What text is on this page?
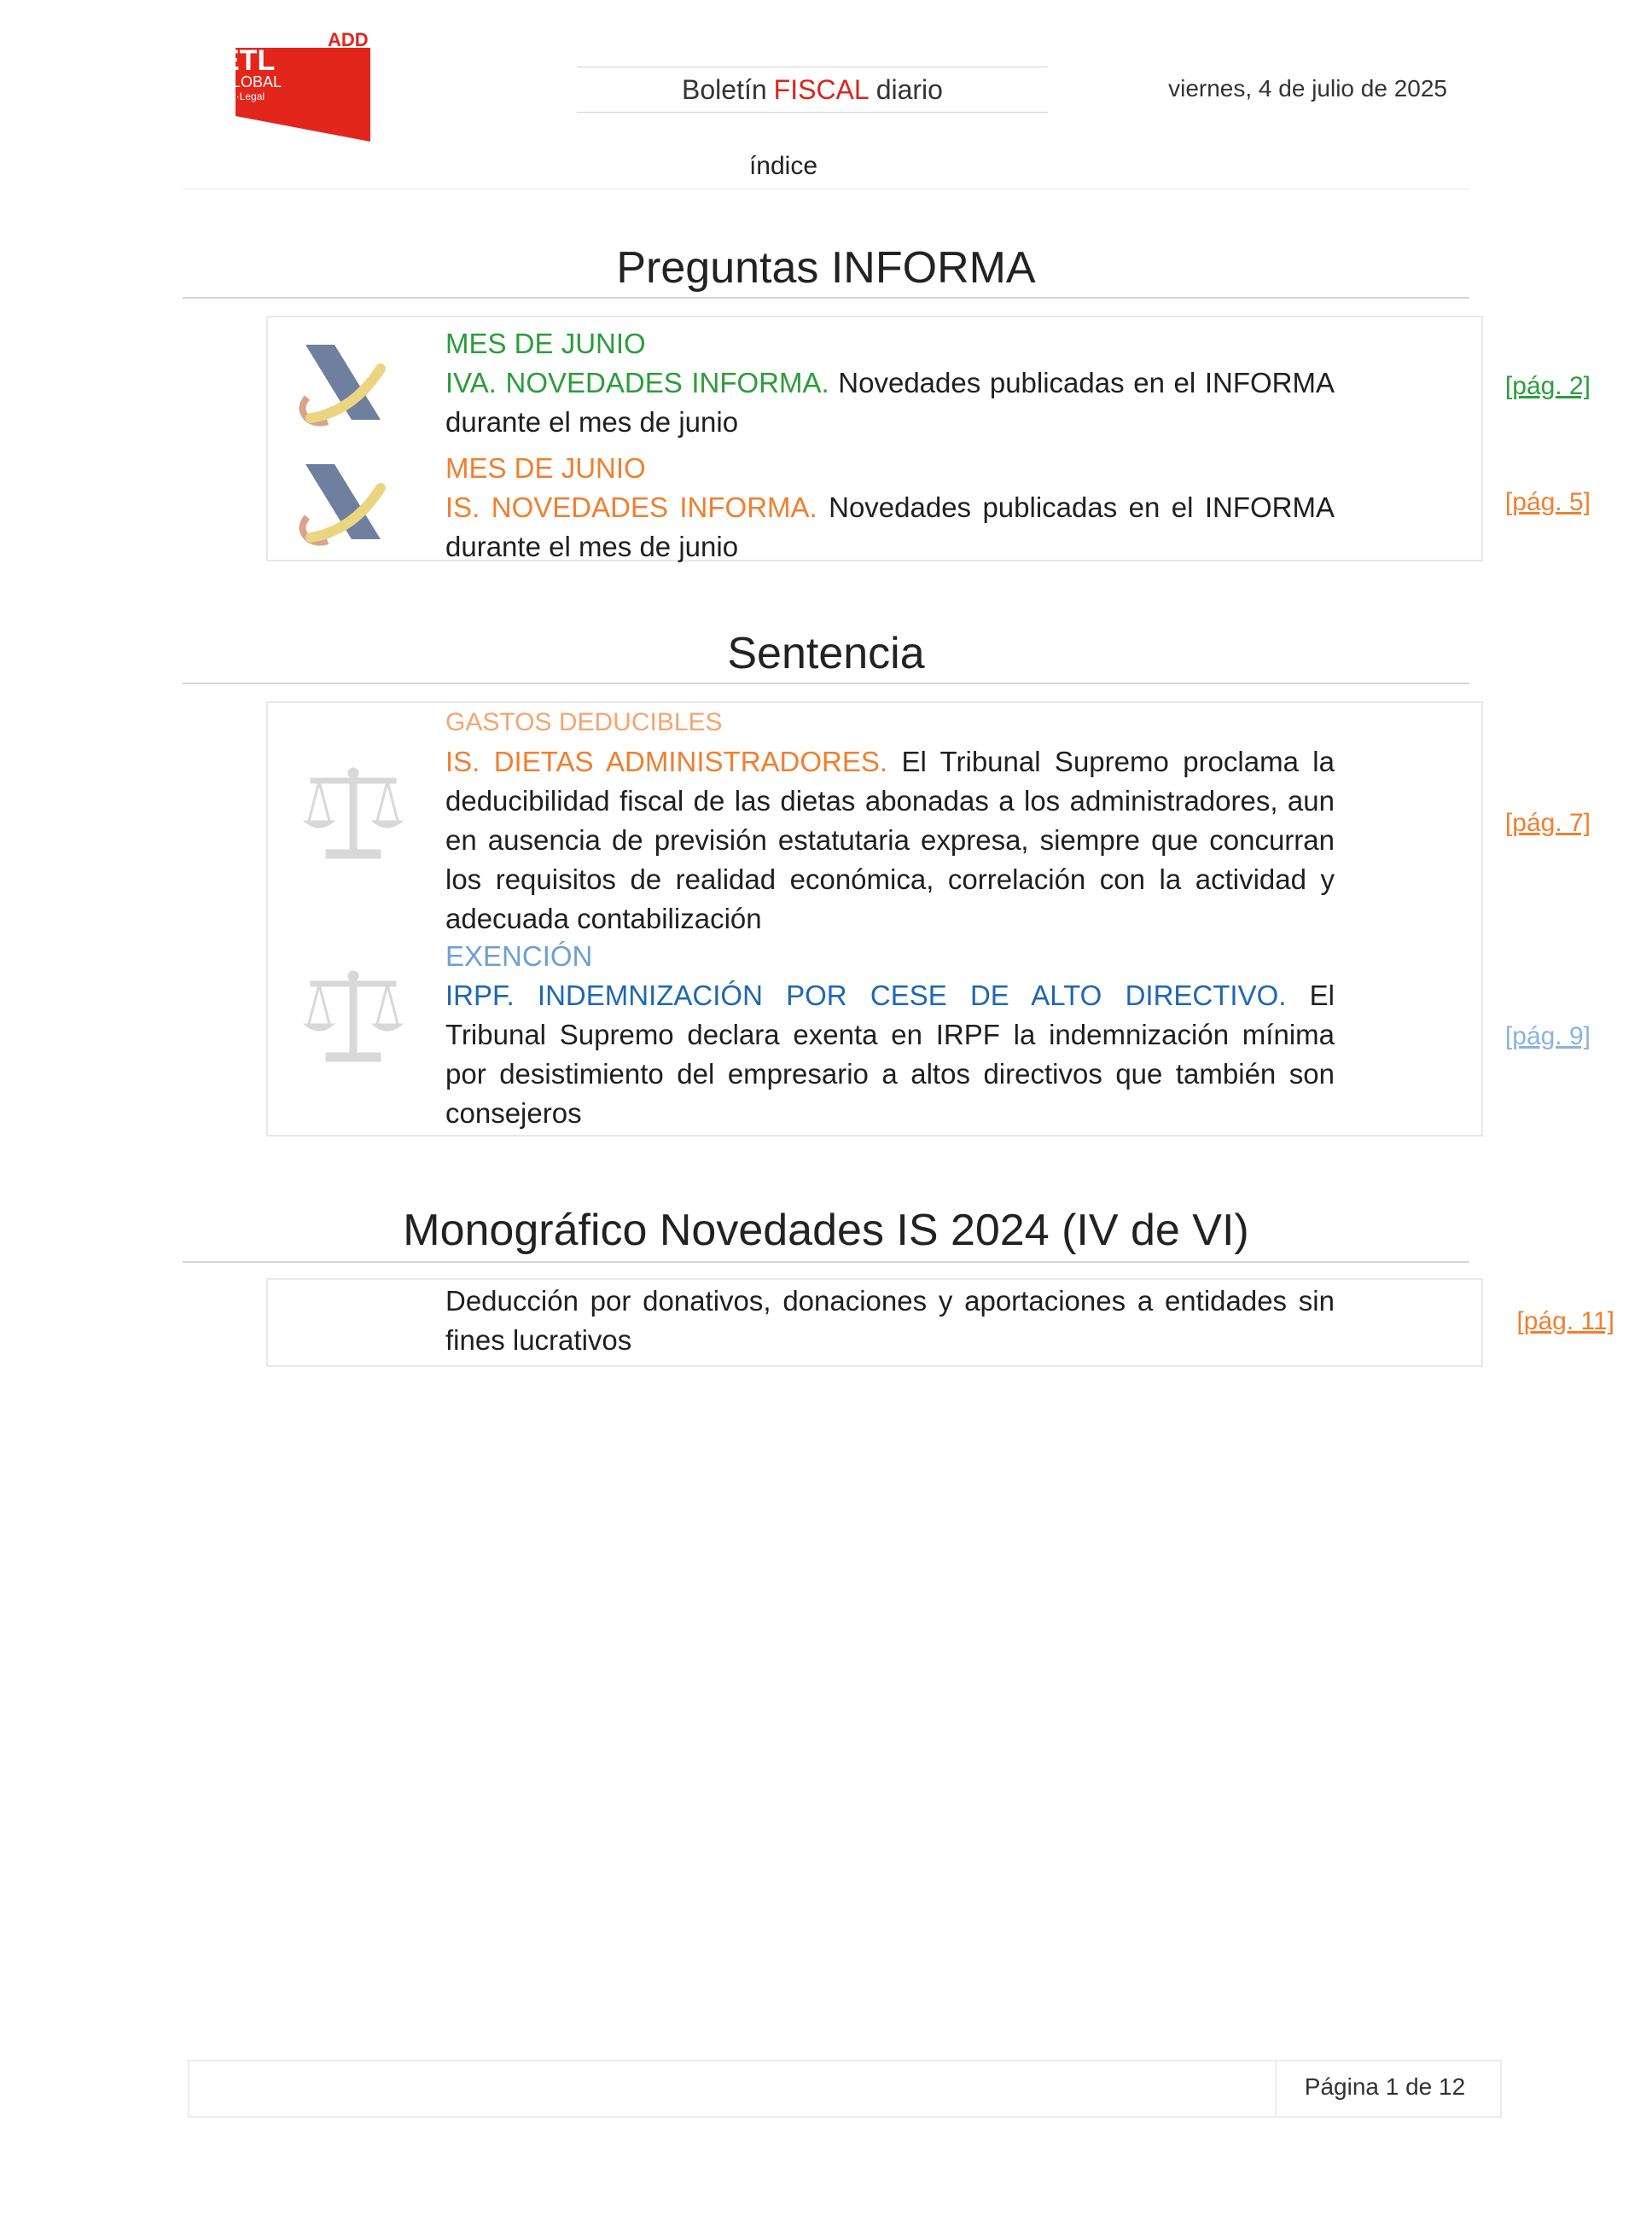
ADD
ETL
GLOBAL
Tax·Legal	Boletín FISCAL diario	viernes, 4 de julio de 2025
índice
Preguntas INFORMA
MES DE JUNIO
IVA. NOVEDADES INFORMA. Novedades publicadas en el INFORMA durante el mes de junio
[pág. 2]
MES DE JUNIO
IS. NOVEDADES INFORMA. Novedades publicadas en el INFORMA durante el mes de junio
[pág. 5]
Sentencia
GASTOS DEDUCIBLES
IS. DIETAS ADMINISTRADORES. El Tribunal Supremo proclama la deducibilidad fiscal de las dietas abonadas a los administradores, aun en ausencia de previsión estatutaria expresa, siempre que concurran los requisitos de realidad económica, correlación con la actividad y adecuada contabilización
[pág. 7]
EXENCIÓN
IRPF. INDEMNIZACIÓN POR CESE DE ALTO DIRECTIVO. El Tribunal Supremo declara exenta en IRPF la indemnización mínima por desistimiento del empresario a altos directivos que también son consejeros
[pág. 9]
Monográfico Novedades IS 2024 (IV de VI)
Deducción por donativos, donaciones y aportaciones a entidades sin fines lucrativos
[pág. 11]
Página 1 de 12
